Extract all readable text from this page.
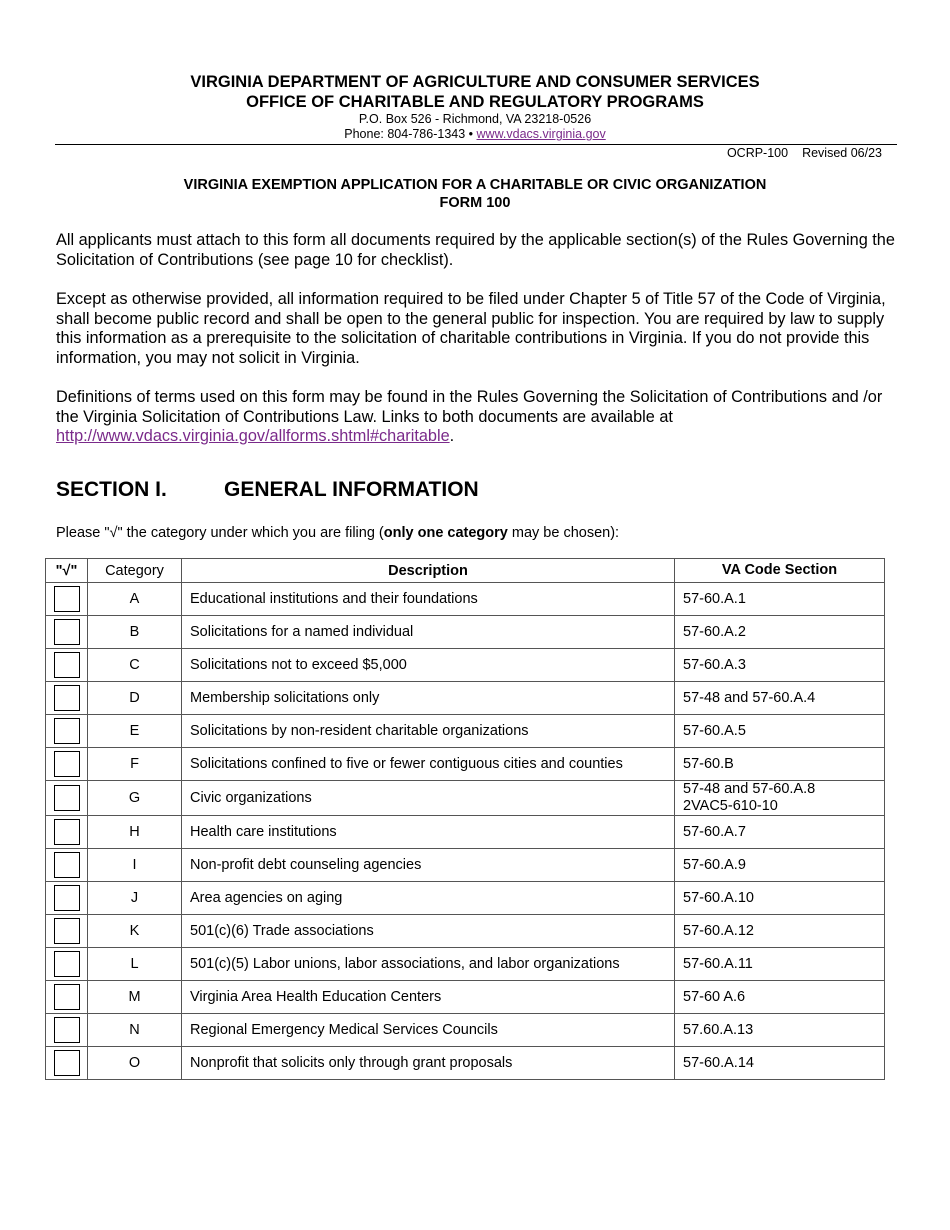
VIRGINIA DEPARTMENT OF AGRICULTURE AND CONSUMER SERVICES
OFFICE OF CHARITABLE AND REGULATORY PROGRAMS
P.O. Box 526 - Richmond, VA 23218-0526
Phone: 804-786-1343 • www.vdacs.virginia.gov
OCRP-100 Revised 06/23
VIRGINIA EXEMPTION APPLICATION FOR A CHARITABLE OR CIVIC ORGANIZATION
FORM 100
All applicants must attach to this form all documents required by the applicable section(s) of the Rules Governing the Solicitation of Contributions (see page 10 for checklist).
Except as otherwise provided, all information required to be filed under Chapter 5 of Title 57 of the Code of Virginia, shall become public record and shall be open to the general public for inspection. You are required by law to supply this information as a prerequisite to the solicitation of charitable contributions in Virginia. If you do not provide this information, you may not solicit in Virginia.
Definitions of terms used on this form may be found in the Rules Governing the Solicitation of Contributions and /or the Virginia Solicitation of Contributions Law. Links to both documents are available at http://www.vdacs.virginia.gov/allforms.shtml#charitable.
SECTION I.	GENERAL INFORMATION
Please "√" the category under which you are filing (only one category may be chosen):
"√"	Category	Description	VA Code Section
	A	Educational institutions and their foundations	57-60.A.1
	B	Solicitations for a named individual	57-60.A.2
	C	Solicitations not to exceed $5,000	57-60.A.3
	D	Membership solicitations only	57-48 and 57-60.A.4
	E	Solicitations by non-resident charitable organizations	57-60.A.5
	F	Solicitations confined to five or fewer contiguous cities and counties	57-60.B
	G	Civic organizations	57-48 and 57-60.A.8
2VAC5-610-10

	H	Health care institutions	57-60.A.7
	I	Non-profit debt counseling agencies	57-60.A.9
	J	Area agencies on aging	57-60.A.10
	K	501(c)(6) Trade associations	57-60.A.12
	L	501(c)(5) Labor unions, labor associations, and labor organizations	57-60.A.11
	M	Virginia Area Health Education Centers	57-60 A.6
	N	Regional Emergency Medical Services Councils	57.60.A.13
	O	Nonprofit that solicits only through grant proposals	57-60.A.14
